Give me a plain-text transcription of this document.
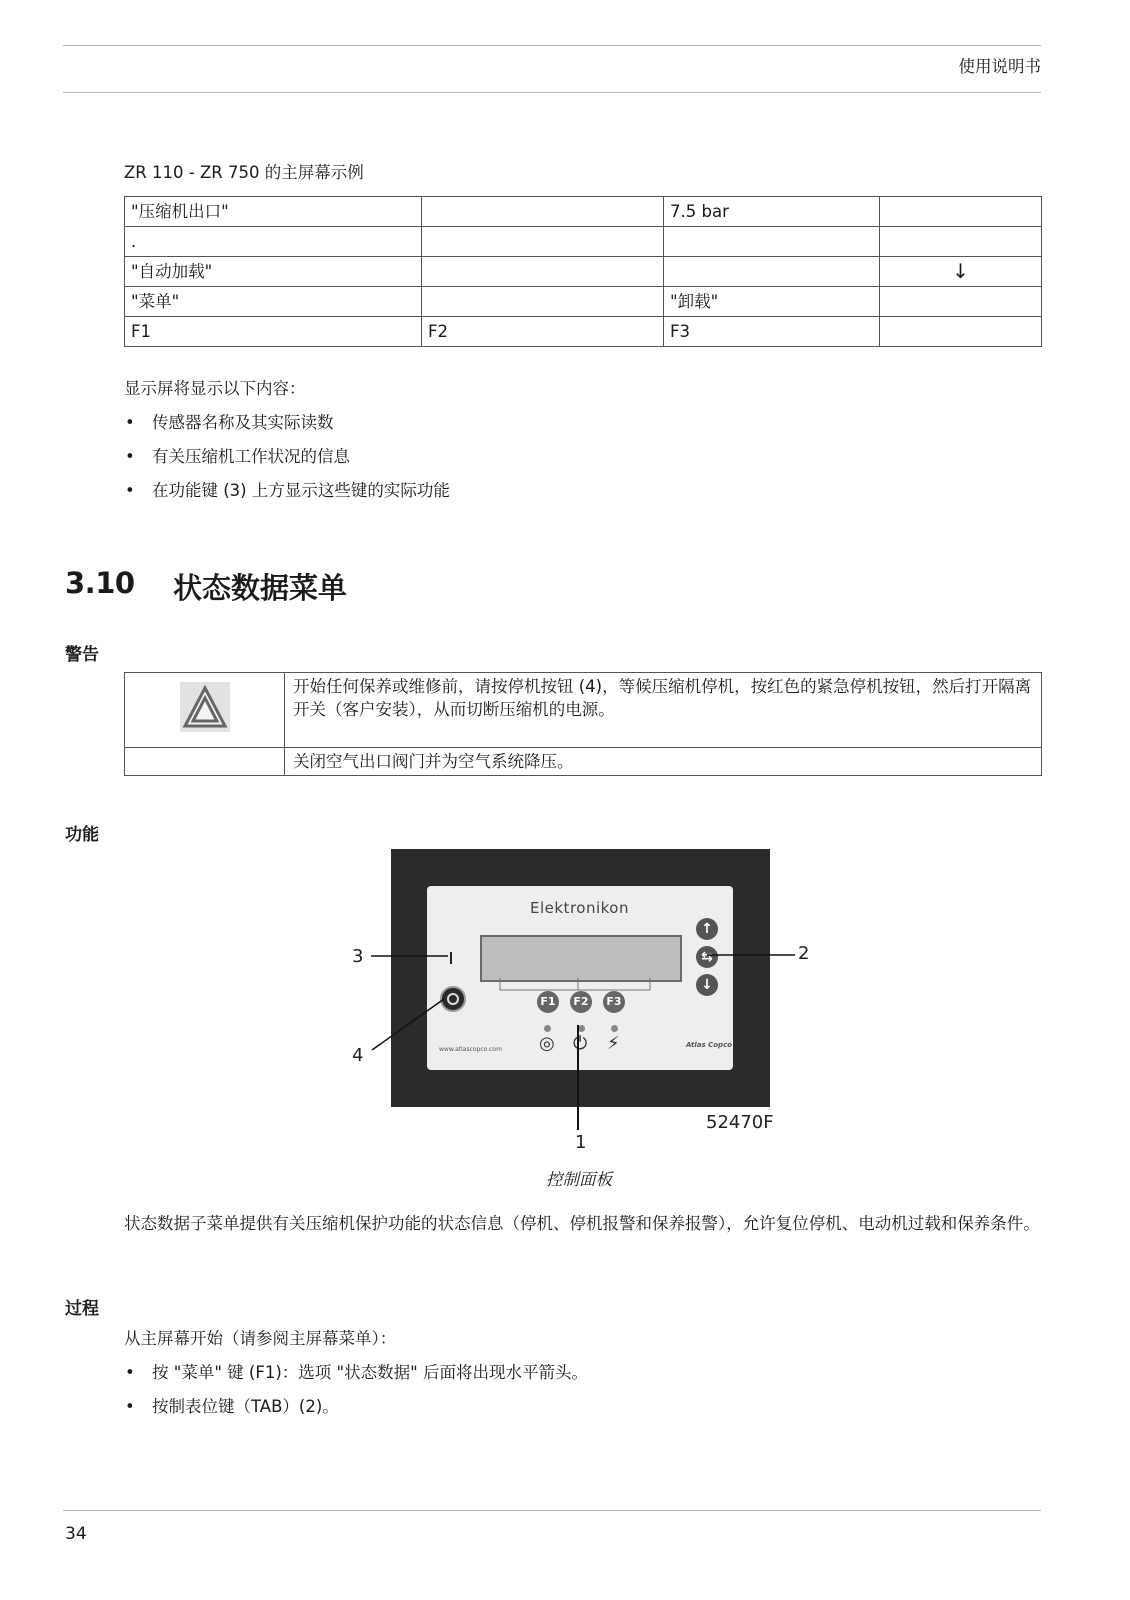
使用说明书
ZR 110 - ZR 750 的主屏幕示例
"压缩机出口"		7.5 bar	
.			
"自动加载"			↓
"菜单"		"卸载"	
F1	F2	F3	
显示屏将显示以下内容：
• 传感器名称及其实际读数
• 有关压缩机工作状况的信息
• 在功能键 (3) 上方显示这些键的实际功能
3.10 状态数据菜单
警告
	开始任何保养或维修前，请按停机按钮 (4)，等候压缩机停机，按红色的紧急停机按钮，然后打开隔离开关（客户安装），从而切断压缩机的电源。
	关闭空气出口阀门并为空气系统降压。
功能
Elektronikon
F1	F2	F3
↑
⇆
↓
◎ ⏻ ⚡
www.atlascopco.com
Atlas Copco
1
2
3
4
52470F
控制面板
状态数据子菜单提供有关压缩机保护功能的状态信息（停机、停机报警和保养报警），允许复位停机、电动机过载和保养条件。
过程
从主屏幕开始（请参阅主屏幕菜单）：
• 按 "菜单" 键 (F1)：选项 "状态数据" 后面将出现水平箭头。
• 按制表位键（TAB）(2)。
34
